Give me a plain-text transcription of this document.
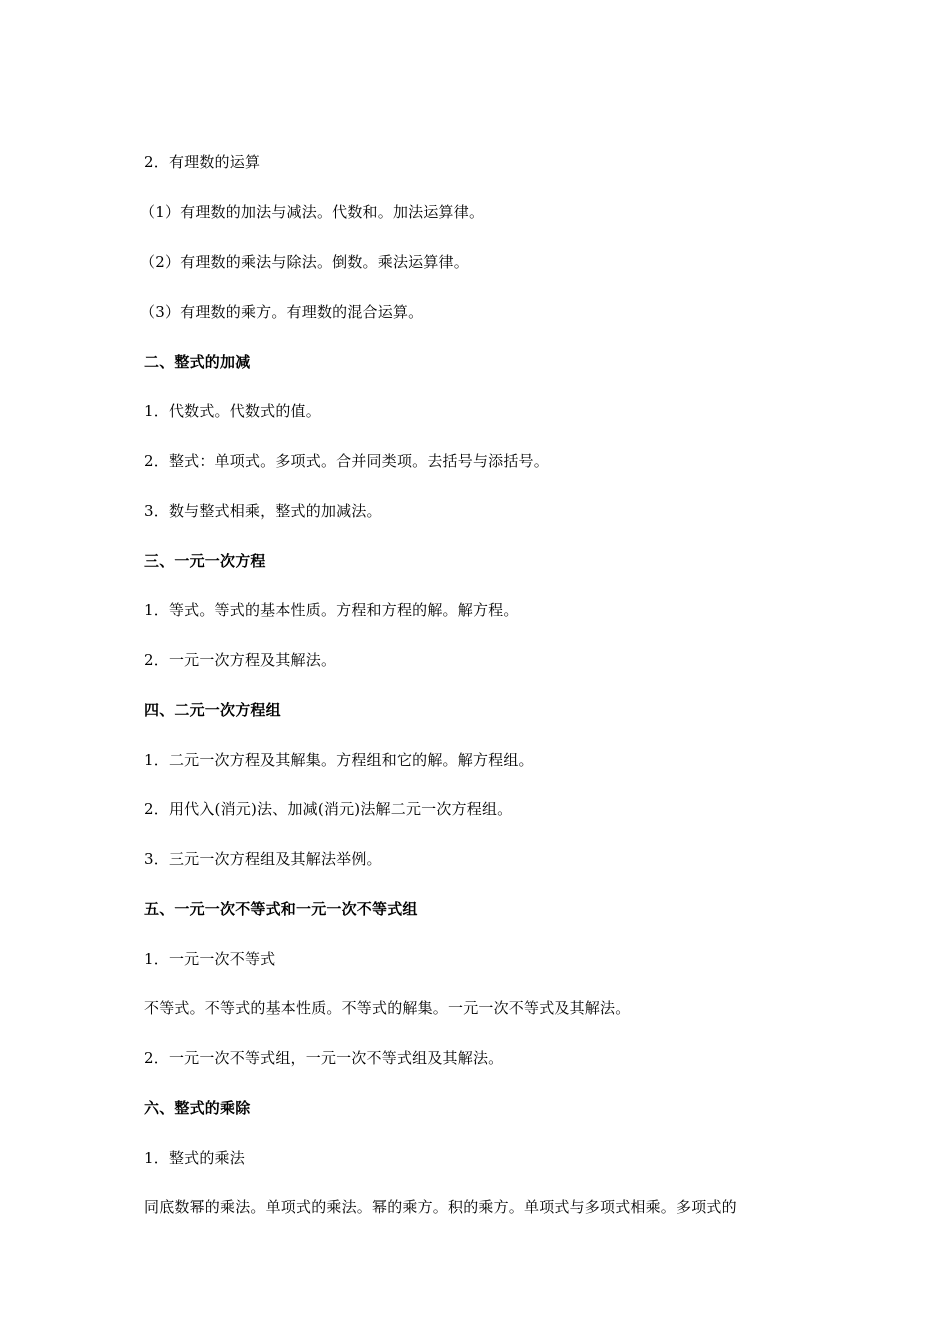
2．有理数的运算
（1）有理数的加法与减法。代数和。加法运算律。
（2）有理数的乘法与除法。倒数。乘法运算律。
（3）有理数的乘方。有理数的混合运算。
二、整式的加减
1．代数式。代数式的值。
2．整式：单项式。多项式。合并同类项。去括号与添括号。
3．数与整式相乘，整式的加减法。
三、一元一次方程
1．等式。等式的基本性质。方程和方程的解。解方程。
2．一元一次方程及其解法。
四、二元一次方程组
1．二元一次方程及其解集。方程组和它的解。解方程组。
2．用代入(消元)法、加减(消元)法解二元一次方程组。
3．三元一次方程组及其解法举例。
五、一元一次不等式和一元一次不等式组
1．一元一次不等式
不等式。不等式的基本性质。不等式的解集。一元一次不等式及其解法。
2．一元一次不等式组，一元一次不等式组及其解法。
六、整式的乘除
1．整式的乘法
同底数幂的乘法。单项式的乘法。幂的乘方。积的乘方。单项式与多项式相乘。多项式的
